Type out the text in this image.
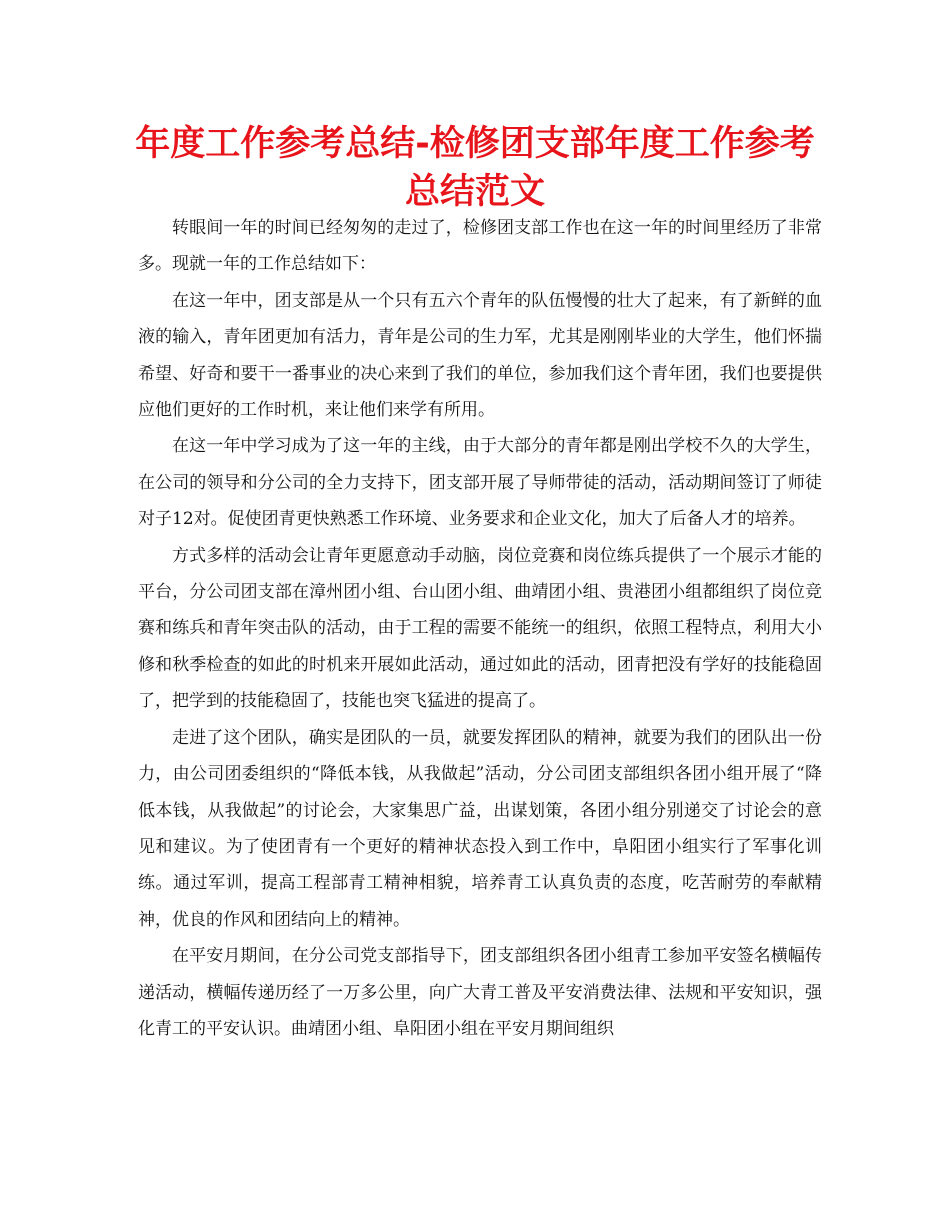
年度工作参考总结-检修团支部年度工作参考总结范文

转眼间一年的时间已经匆匆的走过了，检修团支部工作也在这一年的时间里经历了非常多。现就一年的工作总结如下：

在这一年中，团支部是从一个只有五六个青年的队伍慢慢的壮大了起来，有了新鲜的血液的输入，青年团更加有活力，青年是公司的生力军，尤其是刚刚毕业的大学生，他们怀揣希望、好奇和要干一番事业的决心来到了我们的单位，参加我们这个青年团，我们也要提供应他们更好的工作时机，来让他们来学有所用。

在这一年中学习成为了这一年的主线，由于大部分的青年都是刚出学校不久的大学生，在公司的领导和分公司的全力支持下，团支部开展了导师带徒的活动，活动期间签订了师徒对子12对。促使团青更快熟悉工作环境、业务要求和企业文化，加大了后备人才的培养。

方式多样的活动会让青年更愿意动手动脑，岗位竞赛和岗位练兵提供了一个展示才能的平台，分公司团支部在漳州团小组、台山团小组、曲靖团小组、贵港团小组都组织了岗位竞赛和练兵和青年突击队的活动，由于工程的需要不能统一的组织，依照工程特点，利用大小修和秋季检查的如此的时机来开展如此活动，通过如此的活动，团青把没有学好的技能稳固了，把学到的技能稳固了，技能也突飞猛进的提高了。

走进了这个团队，确实是团队的一员，就要发挥团队的精神，就要为我们的团队出一份力，由公司团委组织的“降低本钱，从我做起”活动，分公司团支部组织各团小组开展了“降低本钱，从我做起”的讨论会，大家集思广益，出谋划策，各团小组分别递交了讨论会的意见和建议。为了使团青有一个更好的精神状态投入到工作中，阜阳团小组实行了军事化训练。通过军训，提高工程部青工精神相貌，培养青工认真负责的态度，吃苦耐劳的奉献精神，优良的作风和团结向上的精神。

在平安月期间，在分公司党支部指导下，团支部组织各团小组青工参加平安签名横幅传递活动，横幅传递历经了一万多公里，向广大青工普及平安消费法律、法规和平安知识，强化青工的平安认识。曲靖团小组、阜阳团小组在平安月期间组织
